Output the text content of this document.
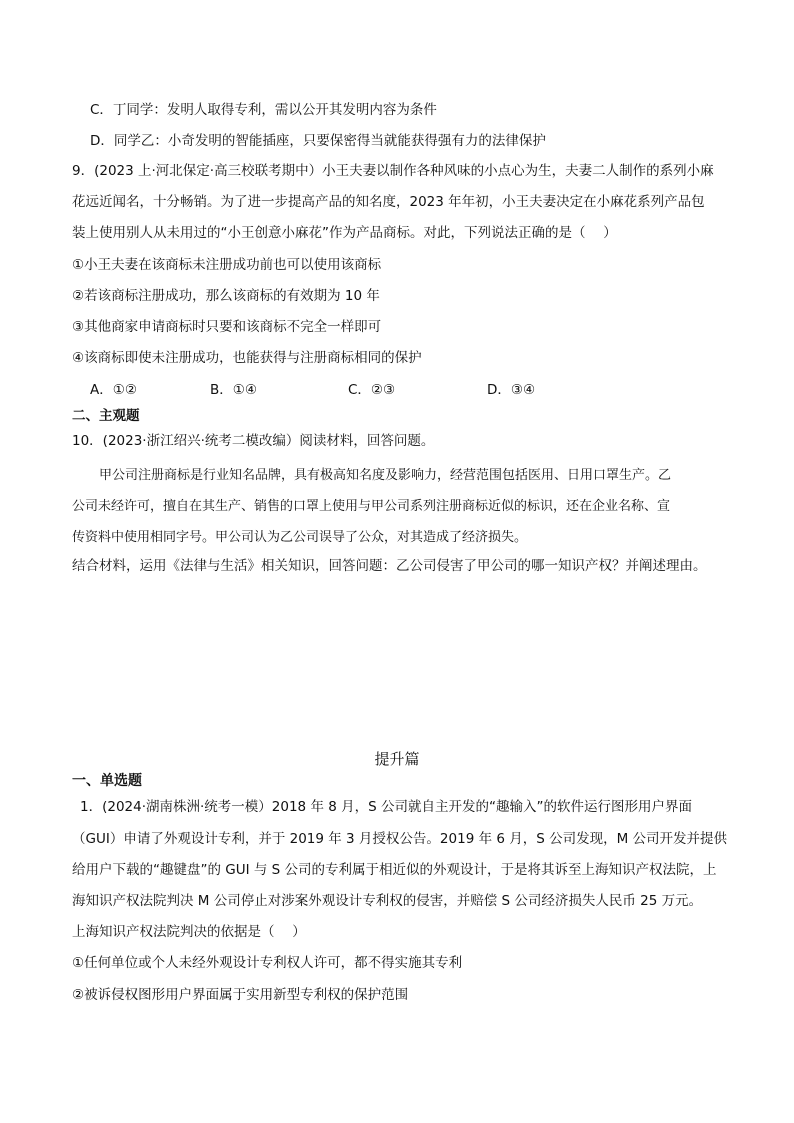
C．丁同学：发明人取得专利，需以公开其发明内容为条件
D．同学乙：小奇发明的智能插座，只要保密得当就能获得强有力的法律保护
9．(2023 上·河北保定·高三校联考期中）小王夫妻以制作各种风味的小点心为生，夫妻二人制作的系列小麻
花远近闻名，十分畅销。为了进一步提高产品的知名度，2023 年年初，小王夫妻决定在小麻花系列产品包
装上使用别人从未用过的“小王创意小麻花”作为产品商标。对此，下列说法正确的是（　 ）
①小王夫妻在该商标未注册成功前也可以使用该商标
②若该商标注册成功，那么该商标的有效期为 10 年
③其他商家申请商标时只要和该商标不完全一样即可
④该商标即使未注册成功，也能获得与注册商标相同的保护
A．①②	B．①④	C．②③	D．③④
二、主观题
10．(2023·浙江绍兴·统考二模改编）阅读材料，回答问题。
甲公司注册商标是行业知名品牌，具有极高知名度及影响力，经营范围包括医用、日用口罩生产。乙
公司未经许可，擅自在其生产、销售的口罩上使用与甲公司系列注册商标近似的标识，还在企业名称、宣
传资料中使用相同字号。甲公司认为乙公司误导了公众，对其造成了经济损失。
结合材料，运用《法律与生活》相关知识，回答问题：乙公司侵害了甲公司的哪一知识产权？并阐述理由。
提升篇
一、单选题
1．(2024·湖南株洲·统考一模）2018 年 8 月，S 公司就自主开发的“趣输入”的软件运行图形用户界面
（GUI）申请了外观设计专利，并于 2019 年 3 月授权公告。2019 年 6 月，S 公司发现，M 公司开发并提供
给用户下载的“趣键盘”的 GUI 与 S 公司的专利属于相近似的外观设计，于是将其诉至上海知识产权法院，上
海知识产权法院判决 M 公司停止对涉案外观设计专利权的侵害，并赔偿 S 公司经济损失人民币 25 万元。
上海知识产权法院判决的依据是（　 ）
①任何单位或个人未经外观设计专利权人许可，都不得实施其专利
②被诉侵权图形用户界面属于实用新型专利权的保护范围
